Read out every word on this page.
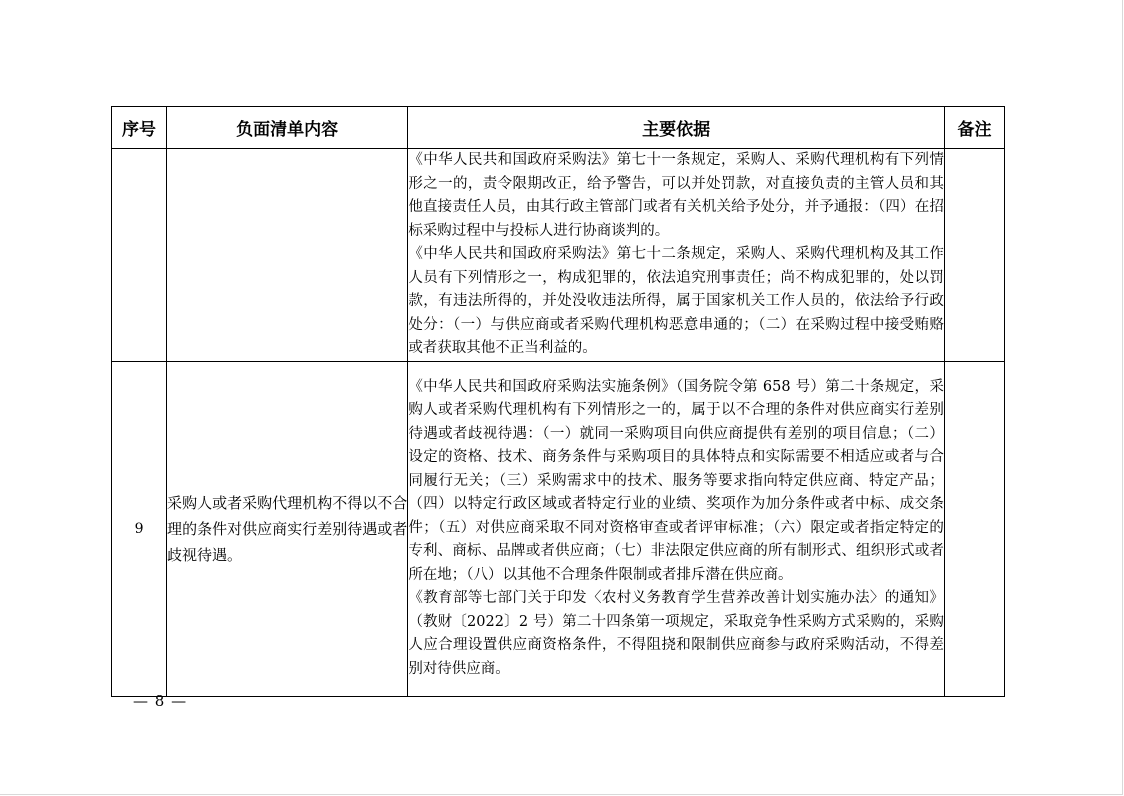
序号	负面清单内容	主要依据	备注

		《中华人民共和国政府采购法》第七十一条规定，采购人、采购代理机构有下列情形之一的，责令限期改正，给予警告，可以并处罚款，对直接负责的主管人员和其他直接责任人员，由其行政主管部门或者有关机关给予处分，并予通报：（四）在招标采购过程中与投标人进行协商谈判的。

《中华人民共和国政府采购法》第七十二条规定，采购人、采购代理机构及其工作人员有下列情形之一，构成犯罪的，依法追究刑事责任；尚不构成犯罪的，处以罚款，有违法所得的，并处没收违法所得，属于国家机关工作人员的，依法给予行政处分：（一）与供应商或者采购代理机构恶意串通的；（二）在采购过程中接受贿赂或者获取其他不正当利益的。	

9	采购人或者采购代理机构不得以不合理的条件对供应商实行差别待遇或者歧视待遇。	《中华人民共和国政府采购法实施条例》（国务院令第 658 号）第二十条规定，采购人或者采购代理机构有下列情形之一的，属于以不合理的条件对供应商实行差别待遇或者歧视待遇：（一）就同一采购项目向供应商提供有差别的项目信息；（二）设定的资格、技术、商务条件与采购项目的具体特点和实际需要不相适应或者与合同履行无关；（三）采购需求中的技术、服务等要求指向特定供应商、特定产品；（四）以特定行政区域或者特定行业的业绩、奖项作为加分条件或者中标、成交条件；（五）对供应商采取不同对资格审查或者评审标准；（六）限定或者指定特定的专利、商标、品牌或者供应商；（七）非法限定供应商的所有制形式、组织形式或者所在地；（八）以其他不合理条件限制或者排斥潜在供应商。

《教育部等七部门关于印发〈农村义务教育学生营养改善计划实施办法〉的通知》（教财〔2022〕2 号）第二十四条第一项规定，采取竞争性采购方式采购的，采购人应合理设置供应商资格条件，不得阻挠和限制供应商参与政府采购活动，不得差别对待供应商。	

— 8 —
